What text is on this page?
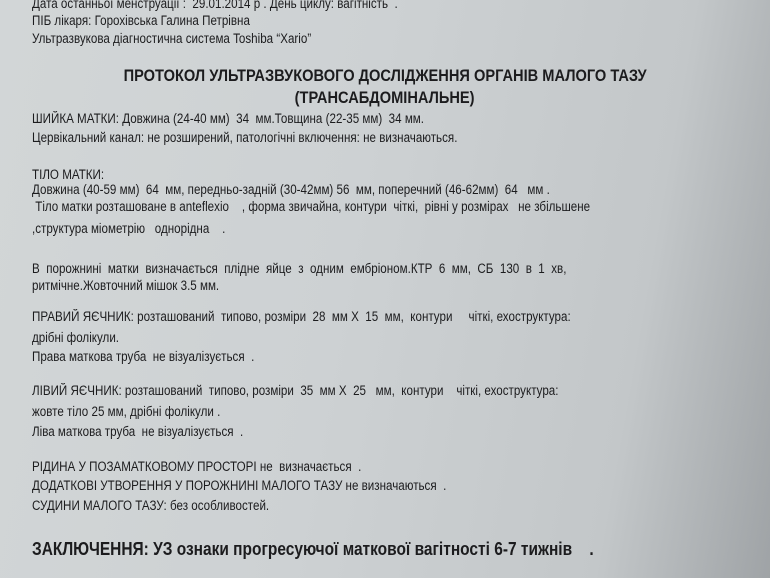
Дата останньої менструації :  29.01.2014 р . День циклу: вагітність  .
ПІБ лікаря: Горохівська Галина Петрівна
Ультразвукова діагностична система Toshiba “Xario”
ПРОТОКОЛ УЛЬТРАЗВУКОВОГО ДОСЛІДЖЕННЯ ОРГАНІВ МАЛОГО ТАЗУ
(ТРАНСАБДОМІНАЛЬНЕ)
ШИЙКА МАТКИ: Довжина (24-40 мм)  34  мм.Товщина (22-35 мм)  34 мм.
Цервікальний канал: не розширений, патологічні включення: не визначаються.
ТІЛО МАТКИ:
Довжина (40-59 мм)  64  мм, передньо-задній (30-42мм) 56  мм, поперечний (46-62мм)  64   мм .
Тіло матки розташоване в anteflexio    , форма звичайна, контури  чіткі,  рівні у розмірах   не збільшене
,структура міометрію   однорідна    .
В  порожнині  матки  визначається  плідне  яйце  з  одним  ембріоном.КТР  6  мм,  СБ  130  в  1  хв,
ритмічне.Жовточний мішок 3.5 мм.
ПРАВИЙ ЯЄЧНИК: розташований  типово, розміри  28  мм Х  15  мм,  контури     чіткі, ехоструктура:
дрібні фолікули.
Права маткова труба  не візуалізується  .
ЛІВИЙ ЯЄЧНИК: розташований  типово, розміри  35  мм Х  25   мм,  контури    чіткі, ехоструктура:
жовте тіло 25 мм, дрібні фолікули .
Ліва маткова труба  не візуалізується  .
РІДИНА У ПОЗАМАТКОВОМУ ПРОСТОРІ не  визначається  .
ДОДАТКОВІ УТВОРЕННЯ У ПОРОЖНИНІ МАЛОГО ТАЗУ не визначаються  .
СУДИНИ МАЛОГО ТАЗУ: без особливостей.
ЗАКЛЮЧЕННЯ: УЗ ознаки прогресуючої маткової вагітності 6-7 тижнів    .
